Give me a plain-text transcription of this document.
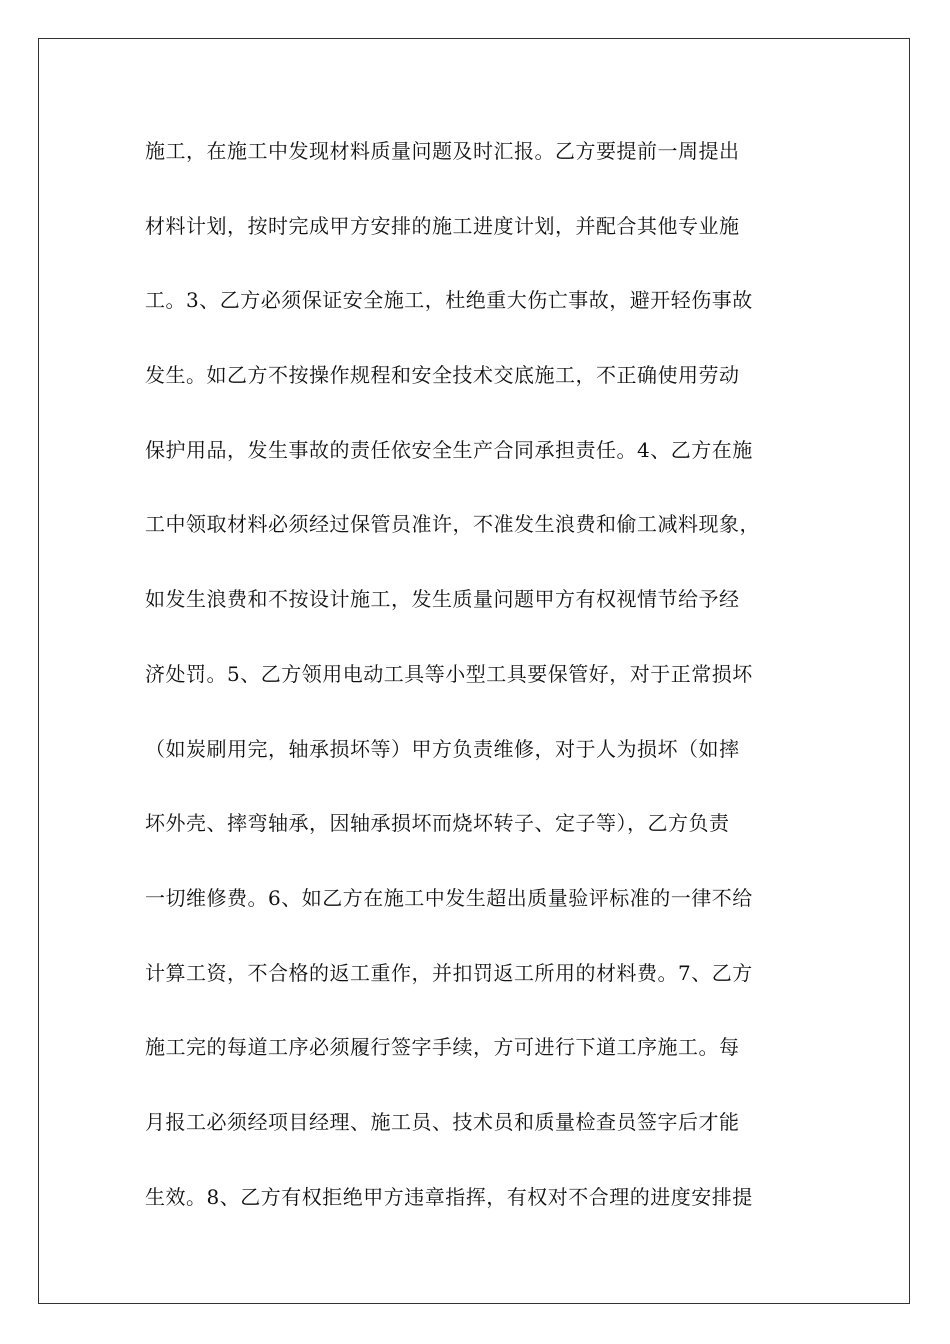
施工，在施工中发现材料质量问题及时汇报。乙方要提前一周提出
材料计划，按时完成甲方安排的施工进度计划，并配合其他专业施
工。3、乙方必须保证安全施工，杜绝重大伤亡事故，避开轻伤事故
发生。如乙方不按操作规程和安全技术交底施工，不正确使用劳动
保护用品，发生事故的责任依安全生产合同承担责任。4、乙方在施
工中领取材料必须经过保管员准许，不准发生浪费和偷工减料现象，
如发生浪费和不按设计施工，发生质量问题甲方有权视情节给予经
济处罚。5、乙方领用电动工具等小型工具要保管好，对于正常损坏
（如炭刷用完，轴承损坏等）甲方负责维修，对于人为损坏（如摔
坏外壳、摔弯轴承，因轴承损坏而烧坏转子、定子等），乙方负责
一切维修费。6、如乙方在施工中发生超出质量验评标准的一律不给
计算工资，不合格的返工重作，并扣罚返工所用的材料费。7、乙方
施工完的每道工序必须履行签字手续，方可进行下道工序施工。每
月报工必须经项目经理、施工员、技术员和质量检查员签字后才能
生效。8、乙方有权拒绝甲方违章指挥，有权对不合理的进度安排提
